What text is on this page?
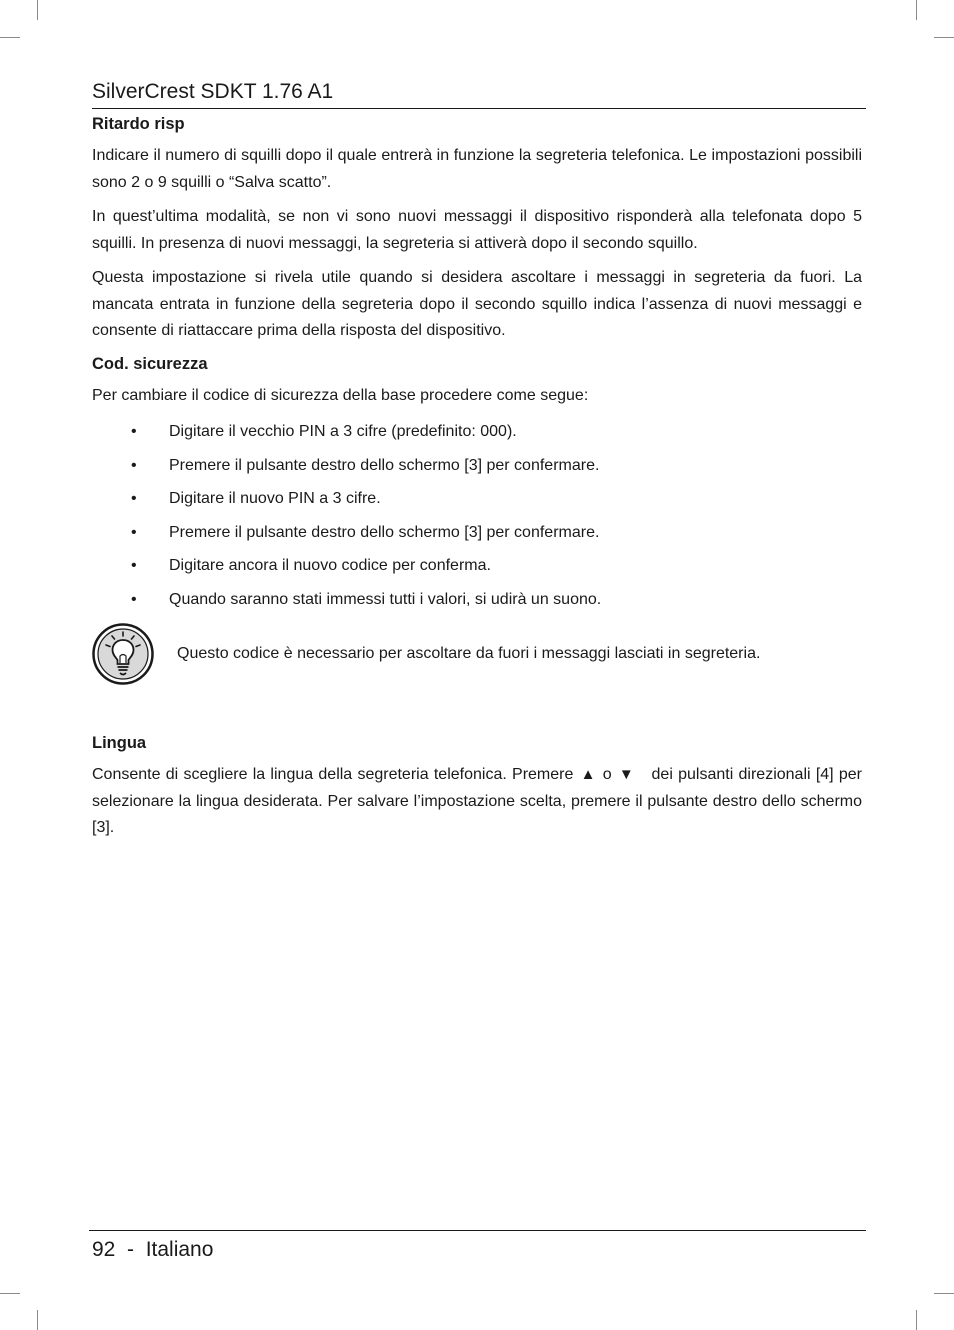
SilverCrest SDKT 1.76 A1
Ritardo risp

Indicare il numero di squilli dopo il quale entrerà in funzione la segreteria telefonica. Le impostazioni possibili sono 2 o 9 squilli o “Salva scatto”.

In quest’ultima modalità, se non vi sono nuovi messaggi il dispositivo risponderà alla telefonata dopo 5 squilli. In presenza di nuovi messaggi, la segreteria si attiverà dopo il secondo squillo.

Questa impostazione si rivela utile quando si desidera ascoltare i messaggi in segreteria da fuori. La mancata entrata in funzione della segreteria dopo il secondo squillo indica l’assenza di nuovi messaggi e consente di riattaccare prima della risposta del dispositivo.

Cod. sicurezza

Per cambiare il codice di sicurezza della base procedere come segue:

• Digitare il vecchio PIN a 3 cifre (predefinito: 000).
• Premere il pulsante destro dello schermo [3] per confermare.
• Digitare il nuovo PIN a 3 cifre.
• Premere il pulsante destro dello schermo [3] per confermare.
• Digitare ancora il nuovo codice per conferma.
• Quando saranno stati immessi tutti i valori, si udirà un suono.
Questo codice è necessario per ascoltare da fuori i messaggi lasciati in segreteria.
Lingua

Consente di scegliere la lingua della segreteria telefonica. Premere ▲ o ▼   dei pulsanti direzionali [4] per selezionare la lingua desiderata. Per salvare l’impostazione scelta, premere il pulsante destro dello schermo [3].

92  -  Italiano
